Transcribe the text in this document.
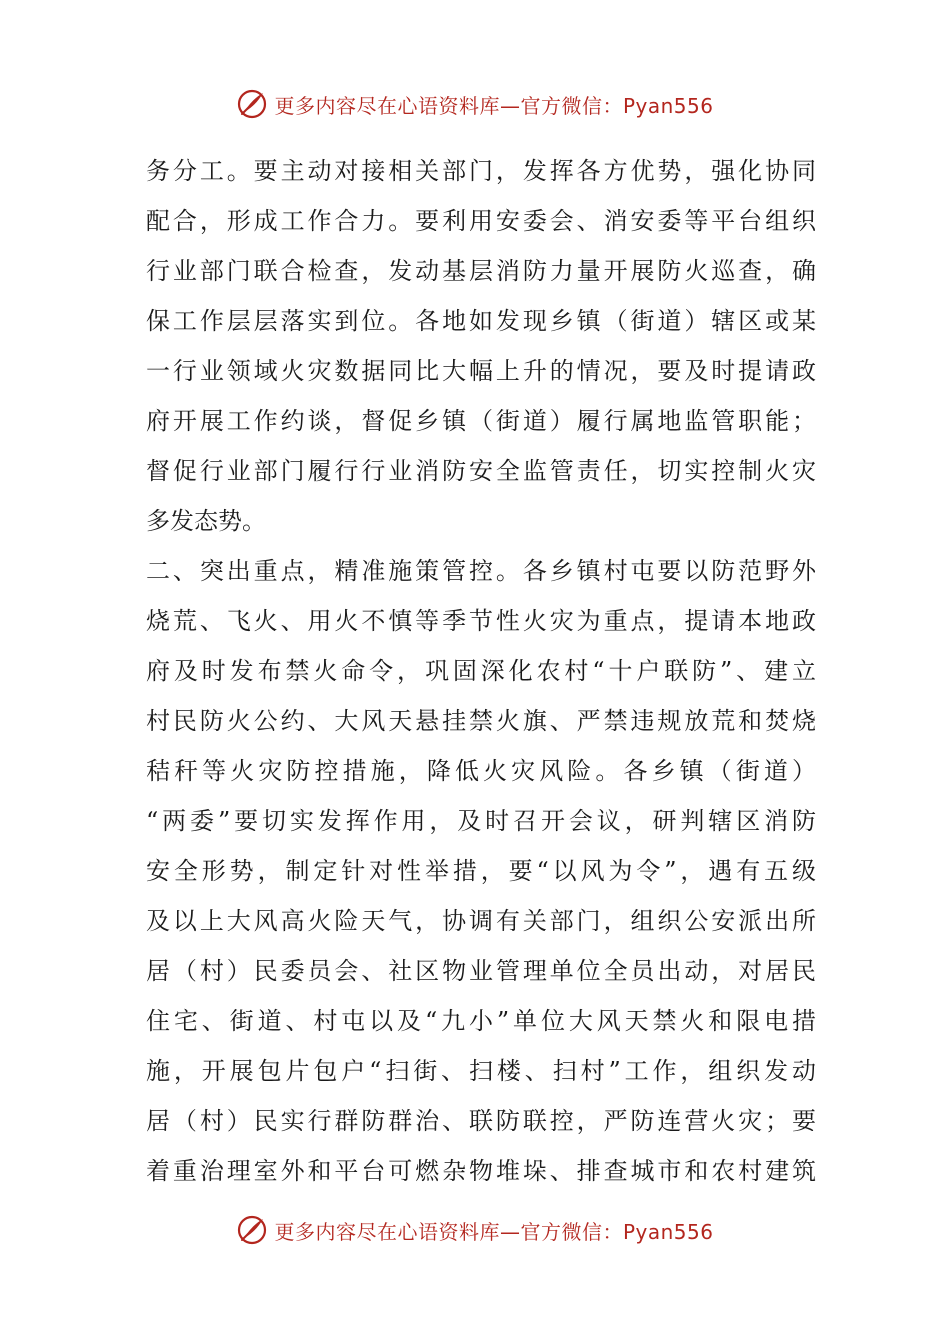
更多内容尽在心语资料库—官方微信：Pyan556
务分工。要主动对接相关部门，发挥各方优势，强化协同
配合，形成工作合力。要利用安委会、消安委等平台组织
行业部门联合检查，发动基层消防力量开展防火巡查，确
保工作层层落实到位。各地如发现乡镇（街道）辖区或某
一行业领域火灾数据同比大幅上升的情况，要及时提请政
府开展工作约谈，督促乡镇（街道）履行属地监管职能；
督促行业部门履行行业消防安全监管责任，切实控制火灾
多发态势。
二、突出重点，精准施策管控。各乡镇村屯要以防范野外
烧荒、飞火、用火不慎等季节性火灾为重点，提请本地政
府及时发布禁火命令，巩固深化农村“十户联防”、建立
村民防火公约、大风天悬挂禁火旗、严禁违规放荒和焚烧
秸秆等火灾防控措施，降低火灾风险。各乡镇（街道）
“两委”要切实发挥作用，及时召开会议，研判辖区消防
安全形势，制定针对性举措，要“以风为令”，遇有五级
及以上大风高火险天气，协调有关部门，组织公安派出所
居（村）民委员会、社区物业管理单位全员出动，对居民
住宅、街道、村屯以及“九小”单位大风天禁火和限电措
施，开展包片包户“扫街、扫楼、扫村”工作，组织发动
居（村）民实行群防群治、联防联控，严防连营火灾；要
着重治理室外和平台可燃杂物堆垛、排查城市和农村建筑
更多内容尽在心语资料库—官方微信：Pyan556
